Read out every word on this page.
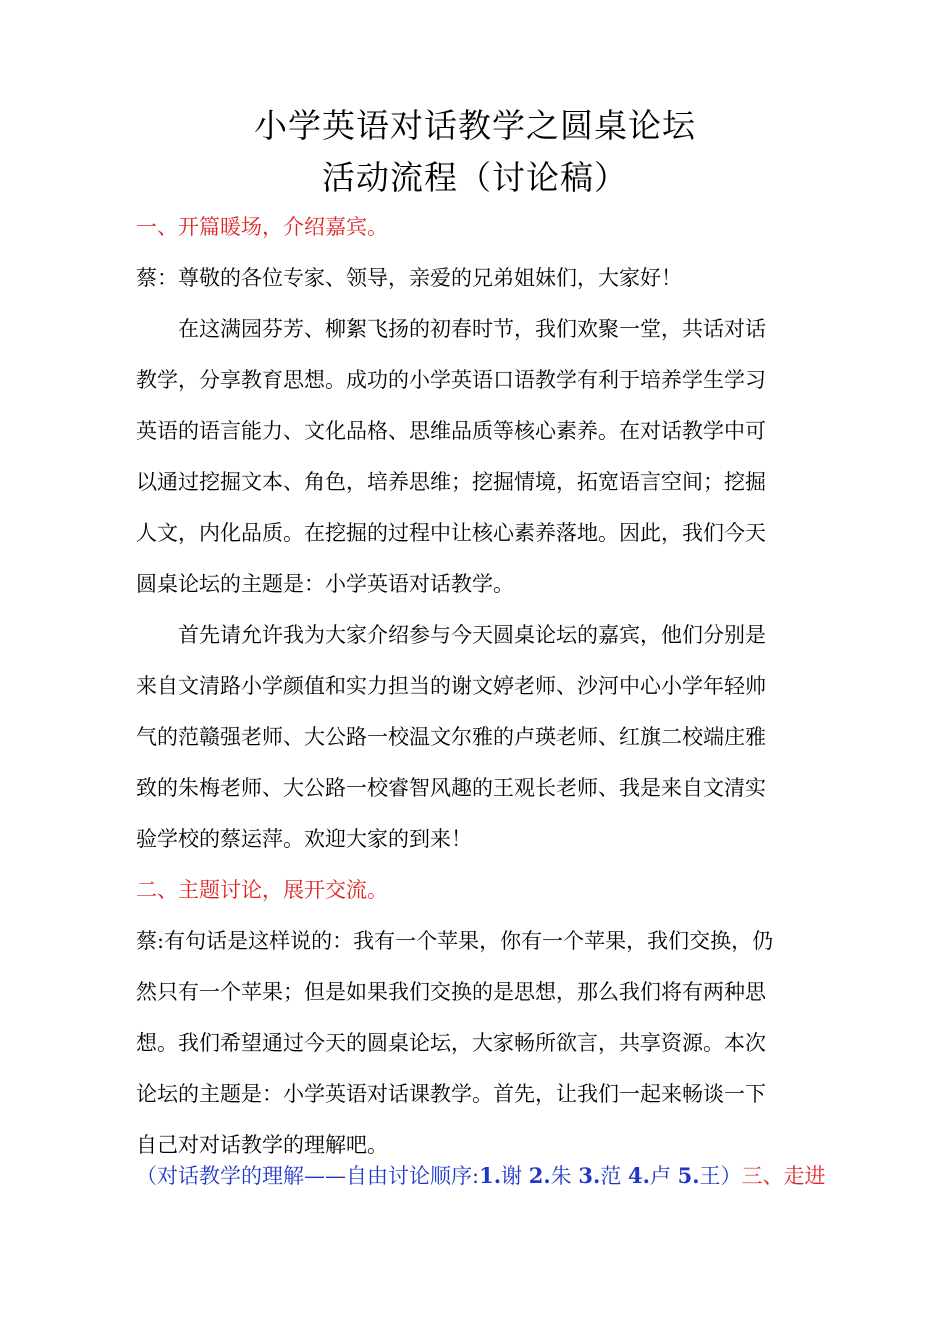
小学英语对话教学之圆桌论坛
活动流程（讨论稿）
一、开篇暖场，介绍嘉宾。
蔡：尊敬的各位专家、领导，亲爱的兄弟姐妹们，大家好！
在这满园芬芳、柳絮飞扬的初春时节，我们欢聚一堂，共话对话
教学，分享教育思想。成功的小学英语口语教学有利于培养学生学习
英语的语言能力、文化品格、思维品质等核心素养。在对话教学中可
以通过挖掘文本、角色，培养思维；挖掘情境，拓宽语言空间；挖掘
人文，内化品质。在挖掘的过程中让核心素养落地。因此，我们今天
圆桌论坛的主题是：小学英语对话教学。
首先请允许我为大家介绍参与今天圆桌论坛的嘉宾，他们分别是
来自文清路小学颜值和实力担当的谢文婷老师、沙河中心小学年轻帅
气的范赣强老师、大公路一校温文尔雅的卢瑛老师、红旗二校端庄雅
致的朱梅老师、大公路一校睿智风趣的王观长老师、我是来自文清实
验学校的蔡运萍。欢迎大家的到来！
二、主题讨论，展开交流。
蔡:有句话是这样说的：我有一个苹果，你有一个苹果，我们交换，仍
然只有一个苹果；但是如果我们交换的是思想，那么我们将有两种思
想。我们希望通过今天的圆桌论坛，大家畅所欲言，共享资源。本次
论坛的主题是：小学英语对话课教学。首先，让我们一起来畅谈一下
自己对对话教学的理解吧。
（对话教学的理解——自由讨论顺序:1.谢 2.朱 3.范 4.卢 5.王）三、走进
